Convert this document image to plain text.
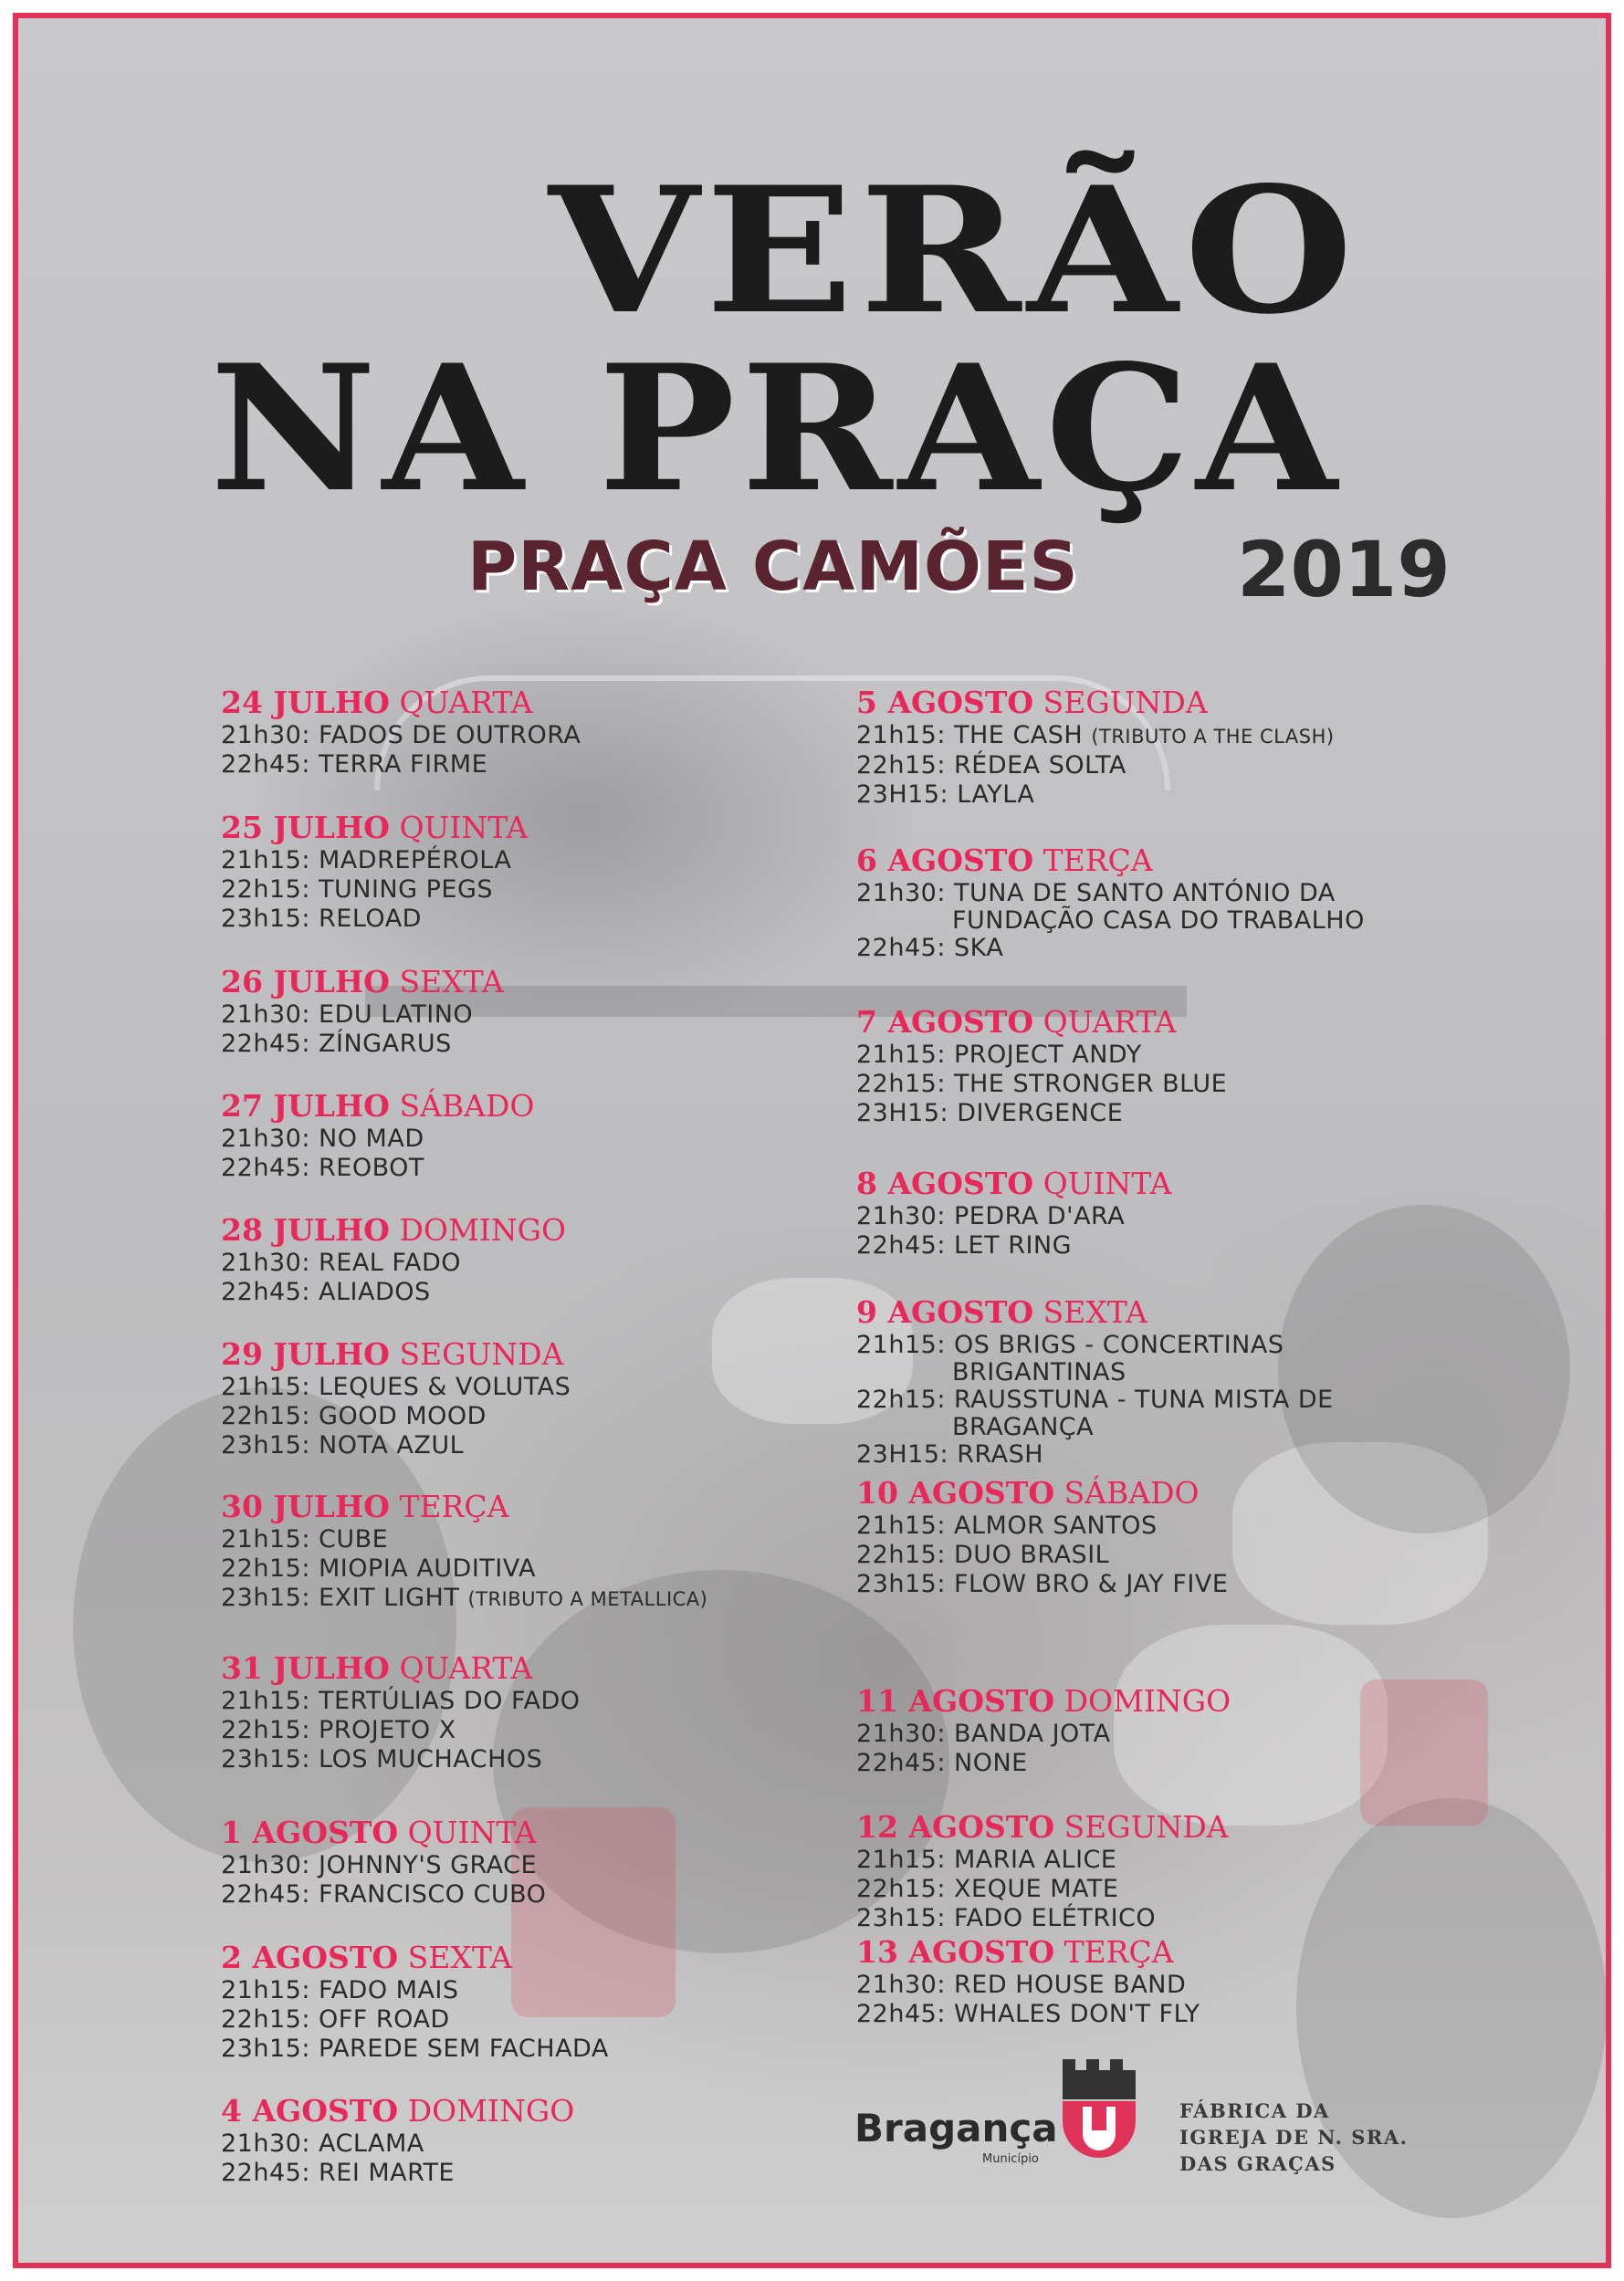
VERÃO
NA PRAÇA
PRAÇA CAMÕES 2019
24 JULHO QUARTA
21h30: FADOS DE OUTRORA
22h45: TERRA FIRME
25 JULHO QUINTA
21h15: MADREPÉROLA
22h15: TUNING PEGS
23h15: RELOAD
26 JULHO SEXTA
21h30: EDU LATINO
22h45: ZÍNGARUS
27 JULHO SÁBADO
21h30: NO MAD
22h45: REOBOT
28 JULHO DOMINGO
21h30: REAL FADO
22h45: ALIADOS
29 JULHO SEGUNDA
21h15: LEQUES & VOLUTAS
22h15: GOOD MOOD
23h15: NOTA AZUL
30 JULHO TERÇA
21h15: CUBE
22h15: MIOPIA AUDITIVA
23h15: EXIT LIGHT (TRIBUTO A METALLICA)
31 JULHO QUARTA
21h15: TERTÚLIAS DO FADO
22h15: PROJETO X
23h15: LOS MUCHACHOS
1 AGOSTO QUINTA
21h30: JOHNNY'S GRACE
22h45: FRANCISCO CUBO
2 AGOSTO SEXTA
21h15: FADO MAIS
22h15: OFF ROAD
23h15: PAREDE SEM FACHADA
4 AGOSTO DOMINGO
21h30: ACLAMA
22h45: REI MARTE
5 AGOSTO SEGUNDA
21h15: THE CASH (TRIBUTO A THE CLASH)
22h15: RÉDEA SOLTA
23H15: LAYLA
6 AGOSTO TERÇA
21h30: TUNA DE SANTO ANTÓNIO DA
FUNDAÇÃO CASA DO TRABALHO
22h45: SKA
7 AGOSTO QUARTA
21h15: PROJECT ANDY
22h15: THE STRONGER BLUE
23H15: DIVERGENCE
8 AGOSTO QUINTA
21h30: PEDRA D'ARA
22h45: LET RING
9 AGOSTO SEXTA
21h15: OS BRIGS - CONCERTINAS
BRIGANTINAS
22h15: RAUSSTUNA - TUNA MISTA DE
BRAGANÇA
23H15: RRASH
10 AGOSTO SÁBADO
21h15: ALMOR SANTOS
22h15: DUO BRASIL
23h15: FLOW BRO & JAY FIVE
11 AGOSTO DOMINGO
21h30: BANDA JOTA
22h45: NONE
12 AGOSTO SEGUNDA
21h15: MARIA ALICE
22h15: XEQUE MATE
23h15: FADO ELÉTRICO
13 AGOSTO TERÇA
21h30: RED HOUSE BAND
22h45: WHALES DON'T FLY
Bragança
Município
FÁBRICA DA
IGREJA DE N. SRA.
DAS GRAÇAS
